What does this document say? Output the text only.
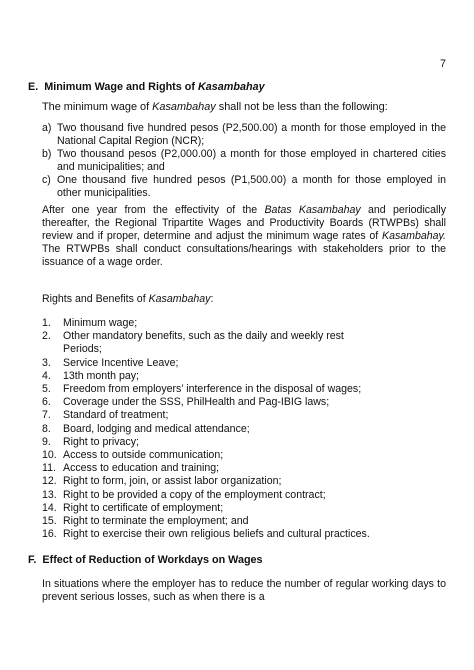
7
E. Minimum Wage and Rights of Kasambahay
The minimum wage of Kasambahay shall not be less than the following:
a) Two thousand five hundred pesos (P2,500.00) a month for those employed in the National Capital Region (NCR);
b) Two thousand pesos (P2,000.00) a month for those employed in chartered cities and municipalities; and
c) One thousand five hundred pesos (P1,500.00) a month for those employed in other municipalities.
After one year from the effectivity of the Batas Kasambahay and periodically thereafter, the Regional Tripartite Wages and Productivity Boards (RTWPBs) shall review and if proper, determine and adjust the minimum wage rates of Kasambahay. The RTWPBs shall conduct consultations/hearings with stakeholders prior to the issuance of a wage order.
Rights and Benefits of Kasambahay:
1.	Minimum wage;
2.	Other mandatory benefits, such as the daily and weekly rest Periods;
3.	Service Incentive Leave;
4.	13th month pay;
5.	Freedom from employers’ interference in the disposal of wages;
6.	Coverage under the SSS, PhilHealth and Pag-IBIG laws;
7.	Standard of treatment;
8.	Board, lodging and medical attendance;
9.	Right to privacy;
10. Access to outside communication;
11. Access to education and training;
12. Right to form, join, or assist labor organization;
13. Right to be provided a copy of the employment contract;
14. Right to certificate of employment;
15. Right to terminate the employment; and
16. Right to exercise their own religious beliefs and cultural practices.
F. Effect of Reduction of Workdays on Wages
In situations where the employer has to reduce the number of regular working days to prevent serious losses, such as when there is a
